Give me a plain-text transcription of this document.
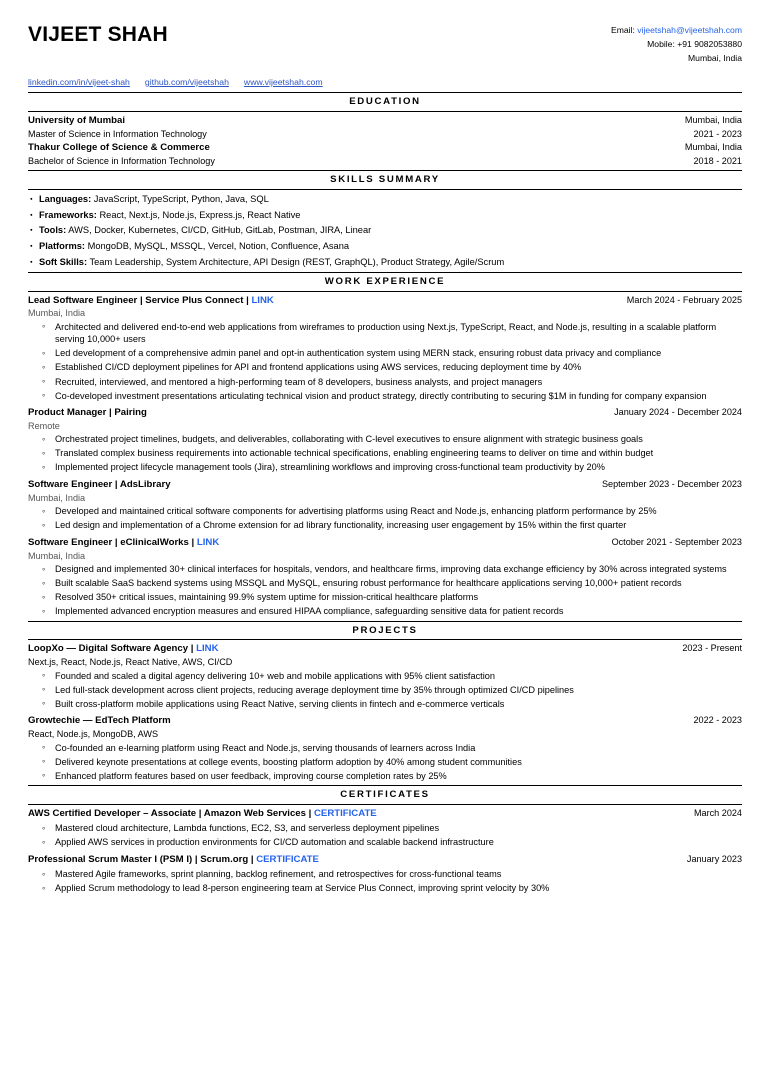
VIJEET SHAH	Email: vijeetshah@vijeetshah.com
Mobile: +91 9082053880
Mumbai, India
linkedin.com/in/vijeet-shah github.com/vijeetshah www.vijeetshah.com
EDUCATION
University of Mumbai	Mumbai, India
Master of Science in Information Technology	2021 - 2023
Thakur College of Science & Commerce	Mumbai, India
Bachelor of Science in Information Technology	2018 - 2021
SKILLS SUMMARY
● Languages: JavaScript, TypeScript, Python, Java, SQL
● Frameworks: React, Next.js, Node.js, Express.js, React Native
● Tools: AWS, Docker, Kubernetes, CI/CD, GitHub, GitLab, Postman, JIRA, Linear
● Platforms: MongoDB, MySQL, MSSQL, Vercel, Notion, Confluence, Asana
● Soft Skills: Team Leadership, System Architecture, API Design (REST, GraphQL), Product Strategy, Agile/Scrum
WORK EXPERIENCE
Lead Software Engineer | Service Plus Connect | LINK	March 2024 - February 2025
Mumbai, India
◦ Architected and delivered end-to-end web applications from wireframes to production using Next.js, TypeScript, React, and Node.js, resulting in a scalable platform serving 10,000+ users
◦ Led development of a comprehensive admin panel and opt-in authentication system using MERN stack, ensuring robust data privacy and compliance
◦ Established CI/CD deployment pipelines for API and frontend applications using AWS services, reducing deployment time by 40%
◦ Recruited, interviewed, and mentored a high-performing team of 8 developers, business analysts, and project managers
◦ Co-developed investment presentations articulating technical vision and product strategy, directly contributing to securing $1M in funding for company expansion
Product Manager | Pairing	January 2024 - December 2024
Remote
◦ Orchestrated project timelines, budgets, and deliverables, collaborating with C-level executives to ensure alignment with strategic business goals
◦ Translated complex business requirements into actionable technical specifications, enabling engineering teams to deliver on time and within budget
◦ Implemented project lifecycle management tools (Jira), streamlining workflows and improving cross-functional team productivity by 20%
Software Engineer | AdsLibrary	September 2023 - December 2023
Mumbai, India
◦ Developed and maintained critical software components for advertising platforms using React and Node.js, enhancing platform performance by 25%
◦ Led design and implementation of a Chrome extension for ad library functionality, increasing user engagement by 15% within the first quarter
Software Engineer | eClinicalWorks | LINK	October 2021 - September 2023
Mumbai, India
◦ Designed and implemented 30+ clinical interfaces for hospitals, vendors, and healthcare firms, improving data exchange efficiency by 30% across integrated systems
◦ Built scalable SaaS backend systems using MSSQL and MySQL, ensuring robust performance for healthcare applications serving 10,000+ patient records
◦ Resolved 350+ critical issues, maintaining 99.9% system uptime for mission-critical healthcare platforms
◦ Implemented advanced encryption measures and ensured HIPAA compliance, safeguarding sensitive data for patient records
PROJECTS
LoopXo — Digital Software Agency | LINK	2023 - Present
Next.js, React, Node.js, React Native, AWS, CI/CD
◦ Founded and scaled a digital agency delivering 10+ web and mobile applications with 95% client satisfaction
◦ Led full-stack development across client projects, reducing average deployment time by 35% through optimized CI/CD pipelines
◦ Built cross-platform mobile applications using React Native, serving clients in fintech and e-commerce verticals
Growtechie — EdTech Platform	2022 - 2023
React, Node.js, MongoDB, AWS
◦ Co-founded an e-learning platform using React and Node.js, serving thousands of learners across India
◦ Delivered keynote presentations at college events, boosting platform adoption by 40% among student communities
◦ Enhanced platform features based on user feedback, improving course completion rates by 25%
CERTIFICATES
AWS Certified Developer – Associate | Amazon Web Services | CERTIFICATE	March 2024
◦ Mastered cloud architecture, Lambda functions, EC2, S3, and serverless deployment pipelines
◦ Applied AWS services in production environments for CI/CD automation and scalable backend infrastructure
Professional Scrum Master I (PSM I) | Scrum.org | CERTIFICATE	January 2023
◦ Mastered Agile frameworks, sprint planning, backlog refinement, and retrospectives for cross-functional teams
◦ Applied Scrum methodology to lead 8-person engineering team at Service Plus Connect, improving sprint velocity by 30%
